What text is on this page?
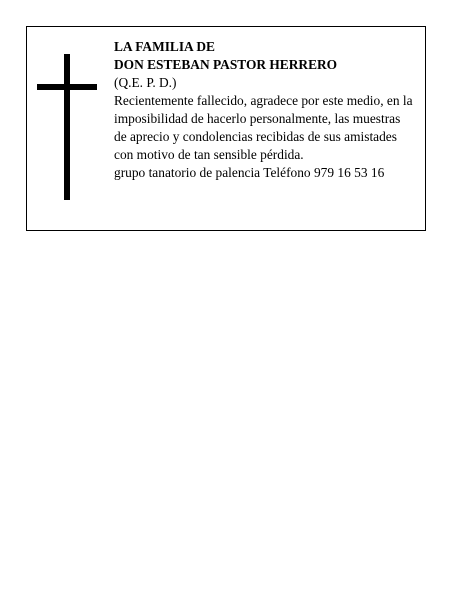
LA FAMILIA DE
DON ESTEBAN PASTOR HERRERO
(Q.E. P. D.)
Recientemente fallecido, agradece por este medio, en la
imposibilidad de hacerlo personalmente, las muestras
de aprecio y condolencias recibidas de sus amistades
con motivo de tan sensible pérdida.
grupo tanatorio de palencia Teléfono 979 16 53 16
